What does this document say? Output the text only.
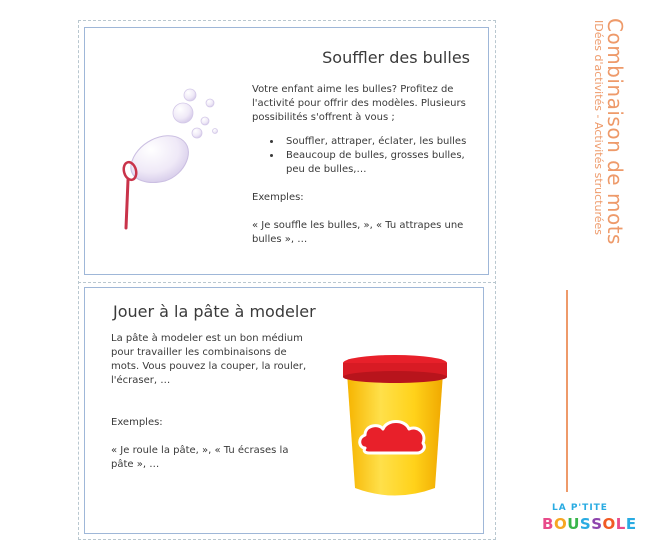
Souffler des bulles

Votre enfant aime les bulles? Profitez de l'activité pour offrir des modèles. Plusieurs possibilités s'offrent à vous ;

• Souffler, attraper, éclater, les bulles
• Beaucoup de bulles, grosses bulles, peu de bulles,…

Exemples:

« Je souffle les bulles, », « Tu attrapes une bulles », …

Jouer à la pâte à modeler

La pâte à modeler est un bon médium pour travailler les combinaisons de mots. Vous pouvez la couper, la rouler, l'écraser, …

Exemples:

« Je roule la pâte, », « Tu écrases la pâte », …

Combinaison de mots
IDées d'activités - Activités structurées
LA P'TITE
BOUSSOLE
